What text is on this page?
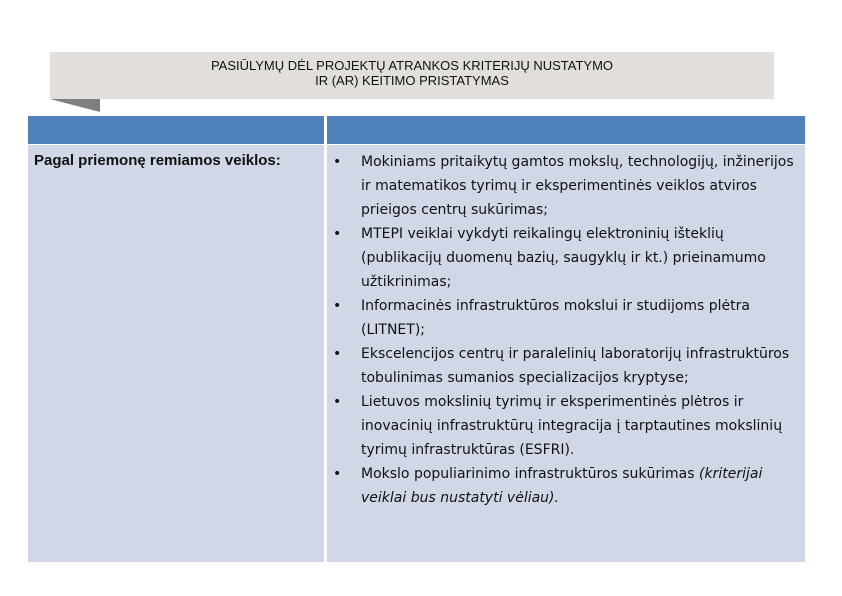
PASIŪLYMŲ DĖL PROJEKTŲ ATRANKOS KRITERIJŲ NUSTATYMO
IR (AR) KEITIMO PRISTATYMAS
Pagal priemonę remiamos veiklos:	•	Mokiniams pritaikytų gamtos mokslų, technologijų, inžinerijos ir matematikos tyrimų ir eksperimentinės veiklos atviros prieigos centrų sukūrimas;
•	MTEPI veiklai vykdyti reikalingų elektroninių išteklių (publikacijų duomenų bazių, saugyklų ir kt.) prieinamumo užtikrinimas;
•	Informacinės infrastruktūros mokslui ir studijoms plėtra (LITNET);
•	Ekscelencijos centrų ir paralelinių laboratorijų infrastruktūros tobulinimas sumanios specializacijos kryptyse;
•	Lietuvos mokslinių tyrimų ir eksperimentinės plėtros ir inovacinių infrastruktūrų integracija į tarptautines mokslinių tyrimų infrastruktūras (ESFRI).
•	Mokslo populiarinimo infrastruktūros sukūrimas (kriterijai veiklai bus nustatyti vėliau).
